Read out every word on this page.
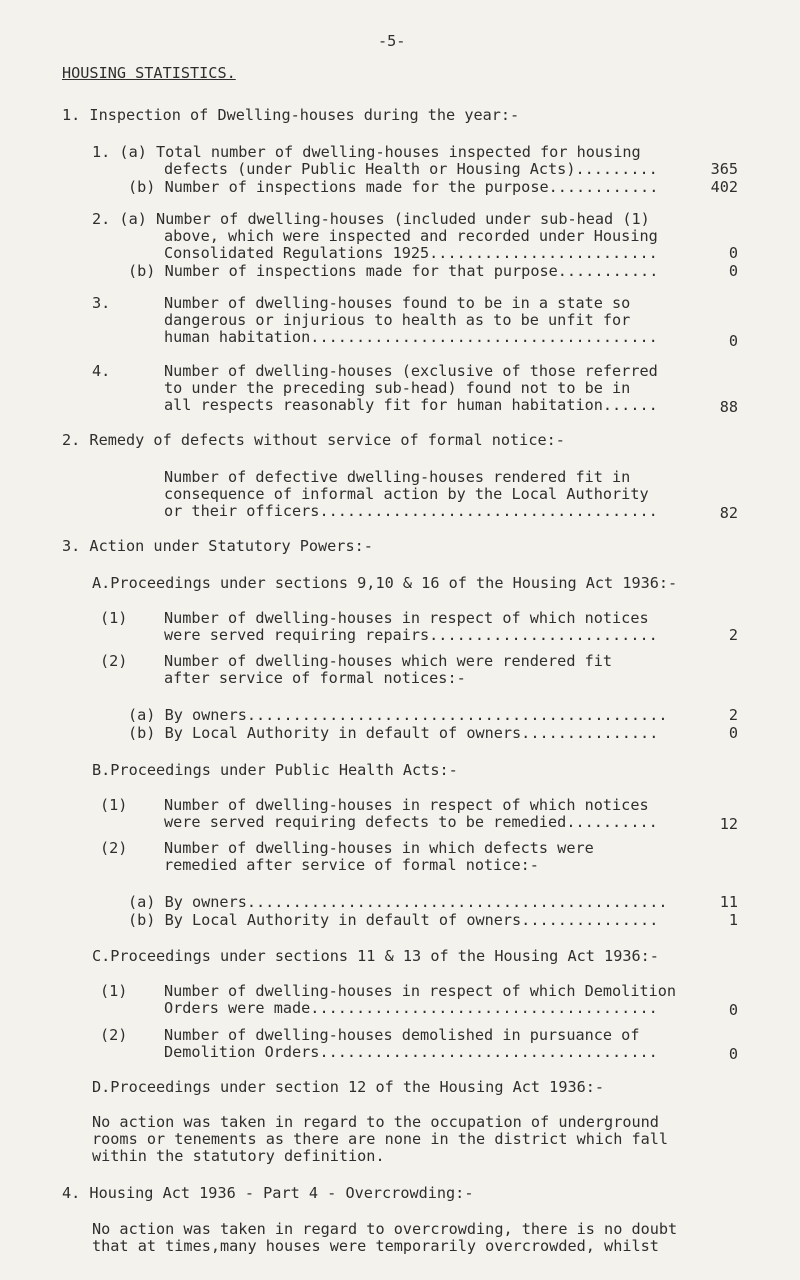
-5-
HOUSING STATISTICS.
1. Inspection of Dwelling-houses during the year:-
1. (a) Total number of dwelling-houses inspected for housing
defects (under Public Health or Housing Acts).........	365
(b) Number of inspections made for the purpose............	402
2. (a) Number of dwelling-houses (included under sub-head (1)
above, which were inspected and recorded under Housing
Consolidated Regulations 1925.........................	0
(b) Number of inspections made for that purpose...........	0
3.	Number of dwelling-houses found to be in a state so
dangerous or injurious to health as to be unfit for
human habitation......................................	0
4.	Number of dwelling-houses (exclusive of those referred
to under the preceding sub-head) found not to be in
all respects reasonably fit for human habitation......	88
2. Remedy of defects without service of formal notice:-
Number of defective dwelling-houses rendered fit in
consequence of informal action by the Local Authority
or their officers.....................................	82
3. Action under Statutory Powers:-
A.Proceedings under sections 9,10 & 16 of the Housing Act 1936:-
(1) Number of dwelling-houses in respect of which notices
were served requiring repairs.........................	2
(2) Number of dwelling-houses which were rendered fit
after service of formal notices:-
(a) By owners..............................................	2
(b) By Local Authority in default of owners...............	0
B.Proceedings under Public Health Acts:-
(1) Number of dwelling-houses in respect of which notices
were served requiring defects to be remedied..........	12
(2) Number of dwelling-houses in which defects were
remedied after service of formal notice:-
(a) By owners..............................................	11
(b) By Local Authority in default of owners...............	1
C.Proceedings under sections 11 & 13 of the Housing Act 1936:-
(1) Number of dwelling-houses in respect of which Demolition
Orders were made......................................	0
(2) Number of dwelling-houses demolished in pursuance of
Demolition Orders.....................................	0
D.Proceedings under section 12 of the Housing Act 1936:-
No action was taken in regard to the occupation of underground
rooms or tenements as there are none in the district which fall
within the statutory definition.
4. Housing Act 1936 - Part 4 - Overcrowding:-
No action was taken in regard to overcrowding, there is no doubt
that at times,many houses were temporarily overcrowded, whilst
